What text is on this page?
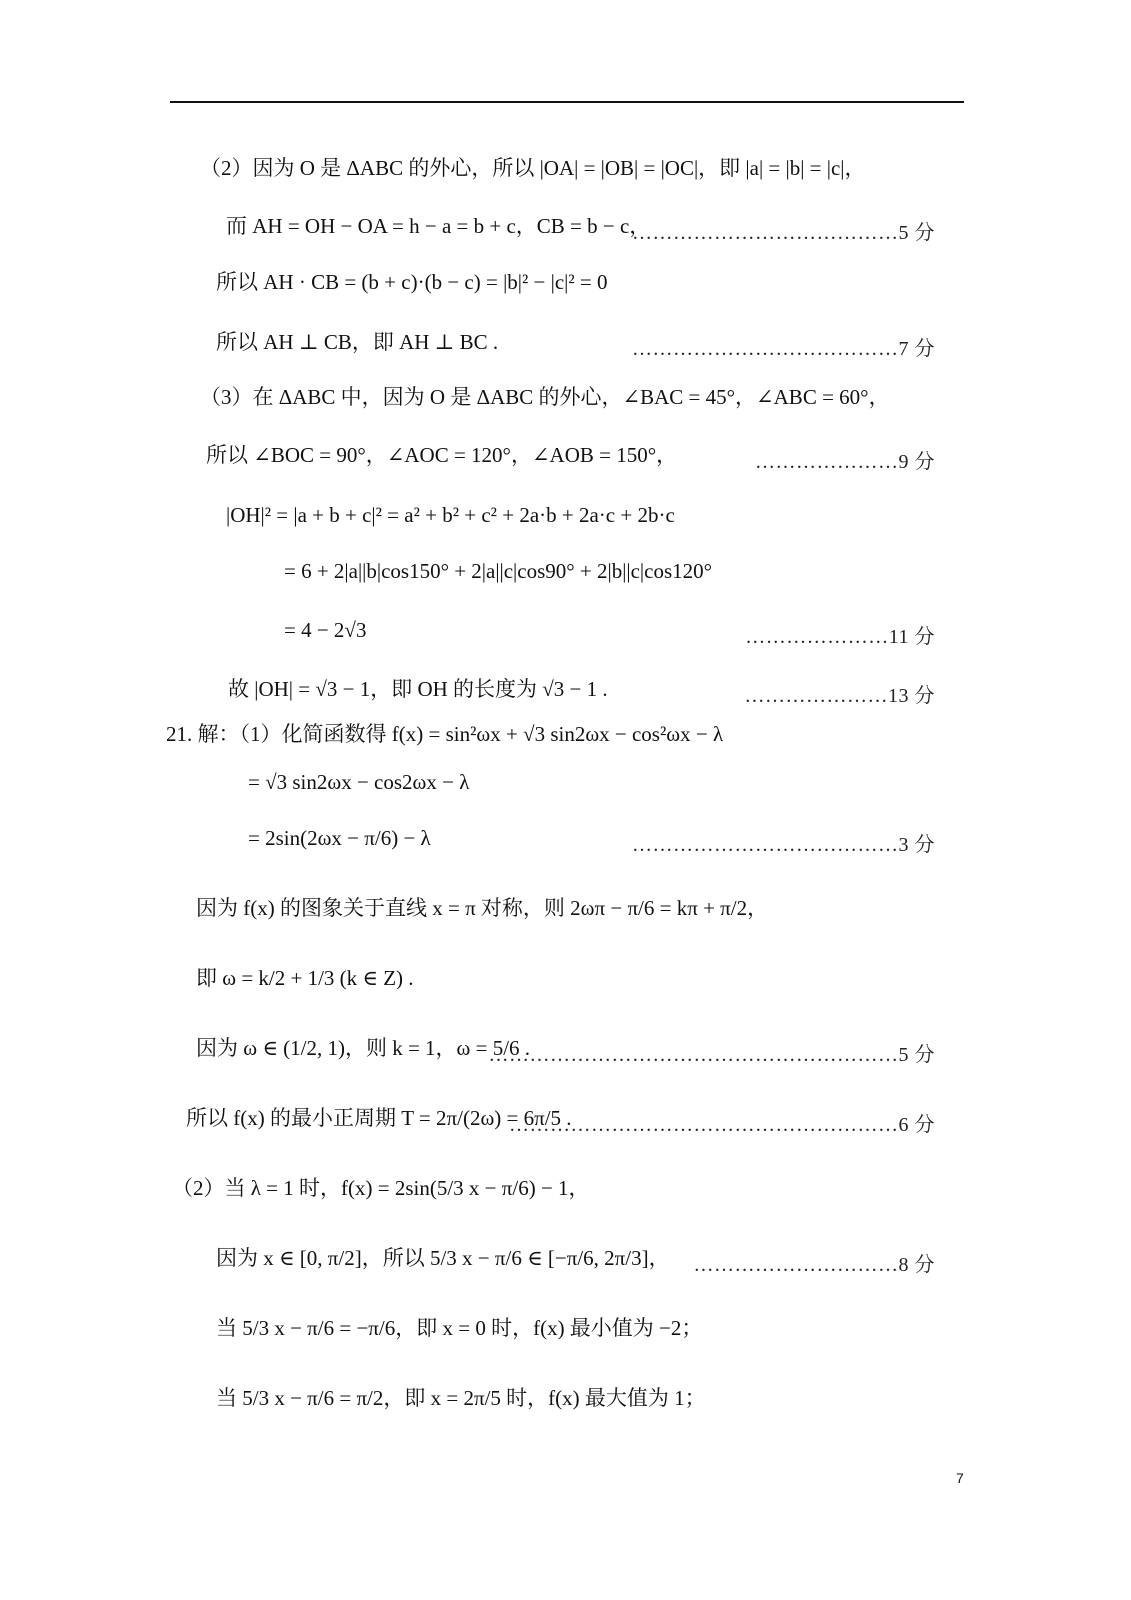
（2）因为 O 是 ΔABC 的外心，所以 |OA| = |OB| = |OC|，即 |a| = |b| = |c|，
而 AH = OH − OA = h − a = b + c，CB = b − c，
…………………………………5 分
所以 AH · CB = (b + c)·(b − c) = |b|² − |c|² = 0
所以 AH ⊥ CB，即 AH ⊥ BC .	…………………………………7 分
（3）在 ΔABC 中，因为 O 是 ΔABC 的外心，∠BAC = 45°，∠ABC = 60°，
所以 ∠BOC = 90°，∠AOC = 120°，∠AOB = 150°，	…………………9 分
|OH|² = |a + b + c|² = a² + b² + c² + 2a·b + 2a·c + 2b·c
= 6 + 2|a||b|cos150° + 2|a||c|cos90° + 2|b||c|cos120°
= 4 − 2√3	…………………11 分
故 |OH| = √3 − 1，即 OH 的长度为 √3 − 1 .	…………………13 分
21. 解：（1）化简函数得 f(x) = sin²ωx + √3 sin2ωx − cos²ωx − λ
= √3 sin2ωx − cos2ωx − λ
= 2sin(2ωx − π/6) − λ	…………………………………3 分
因为 f(x) 的图象关于直线 x = π 对称，则 2ωπ − π/6 = kπ + π/2，
即 ω = k/2 + 1/3 (k ∈ Z) .
因为 ω ∈ (1/2, 1)，则 k = 1，ω = 5/6 .
……………………………………………………5 分
所以 f(x) 的最小正周期 T = 2π/(2ω) = 6π/5 .
…………………………………………………6 分
（2）当 λ = 1 时，f(x) = 2sin(5/3 x − π/6) − 1，
因为 x ∈ [0, π/2]，所以 5/3 x − π/6 ∈ [−π/6, 2π/3]， …………………………8 分
当 5/3 x − π/6 = −π/6，即 x = 0 时，f(x) 最小值为 −2；
当 5/3 x − π/6 = π/2，即 x = 2π/5 时，f(x) 最大值为 1；
7
